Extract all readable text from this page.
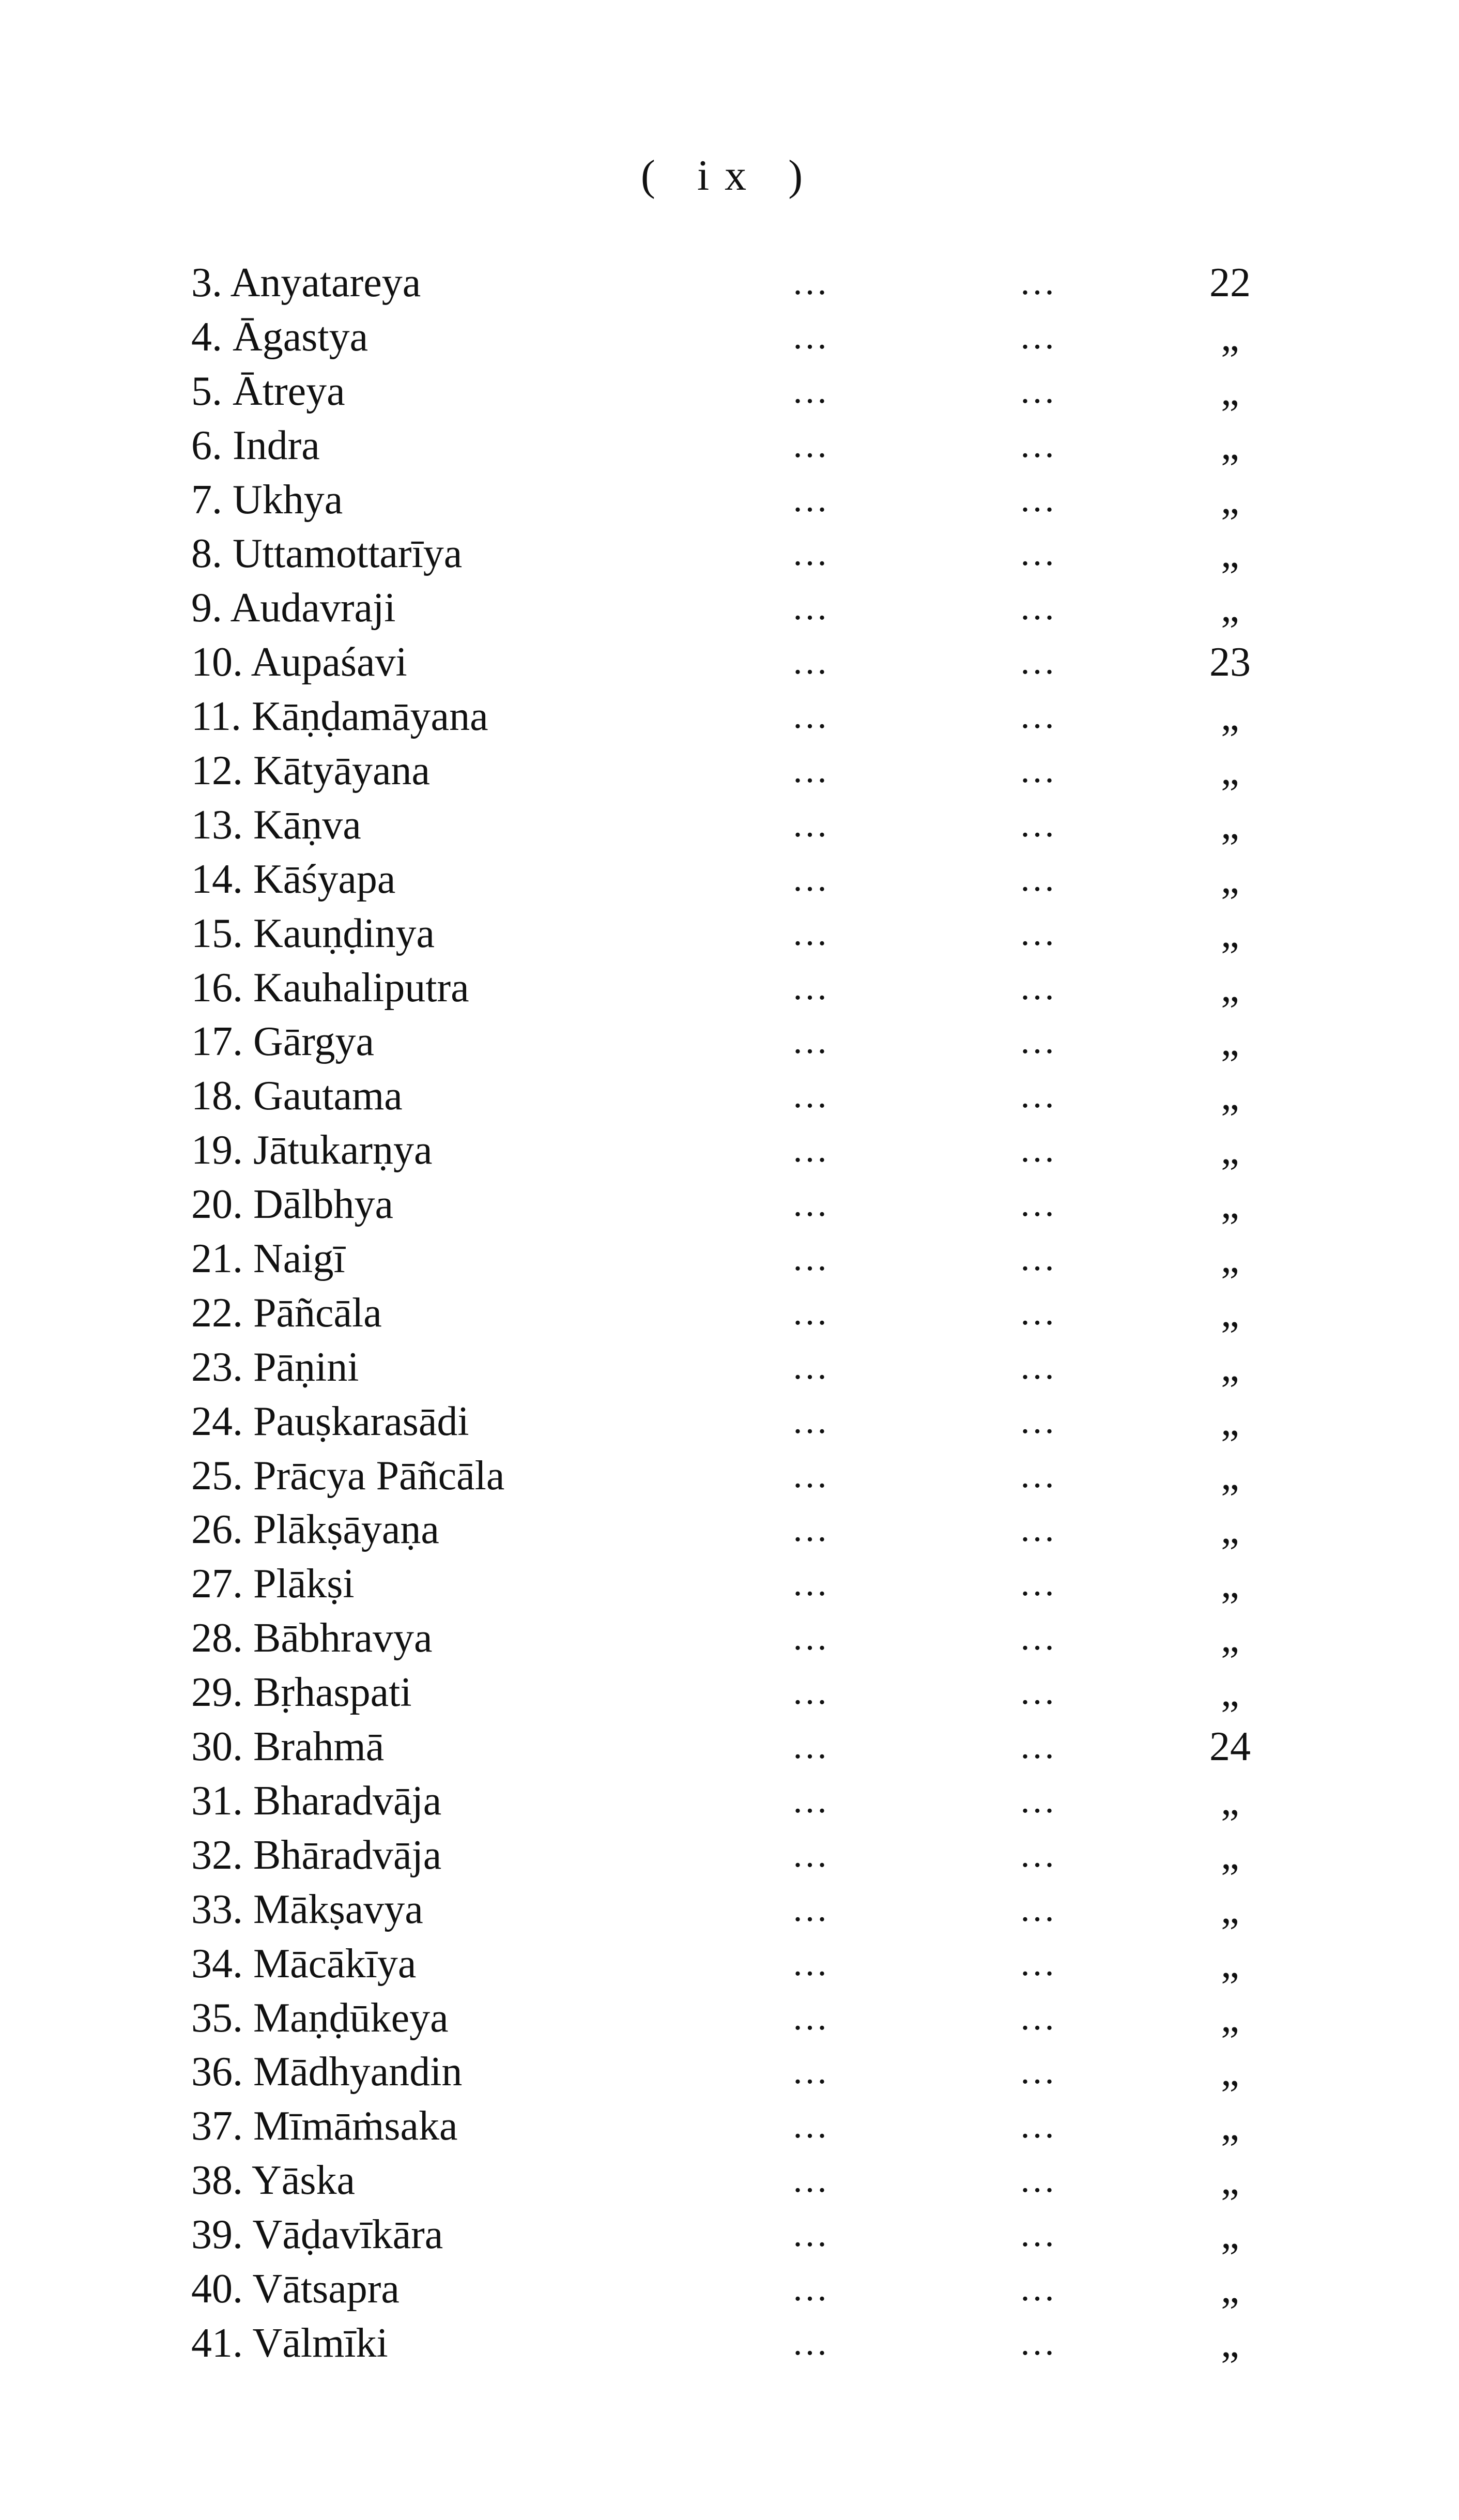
( ix )
3. Anyatareya	...	...	22
4. Āgastya	...	...	„
5. Ātreya	...	...	„
6. Indra	...	...	„
7. Ukhya	...	...	„
8. Uttamottarīya	...	...	„
9. Audavraji	...	...	„
10. Aupaśavi	...	...	23
11. Kāṇḍamāyana	...	...	„
12. Kātyāyana	...	...	„
13. Kāṇva	...	...	„
14. Kāśyapa	...	...	„
15. Kauṇḍinya	...	...	„
16. Kauhaliputra	...	...	„
17. Gārgya	...	...	„
18. Gautama	...	...	„
19. Jātukarṇya	...	...	„
20. Dālbhya	...	...	„
21. Naigī	...	...	„
22. Pāñcāla	...	...	„
23. Pāṇini	...	...	„
24. Pauṣkarasādi	...	...	„
25. Prācya Pāñcāla	...	...	„
26. Plākṣāyaṇa	...	...	„
27. Plākṣi	...	...	„
28. Bābhravya	...	...	„
29. Bṛhaspati	...	...	„
30. Brahmā	...	...	24
31. Bharadvāja	...	...	„
32. Bhāradvāja	...	...	„
33. Mākṣavya	...	...	„
34. Mācākīya	...	...	„
35. Maṇḍūkeya	...	...	„
36. Mādhyandin	...	...	„
37. Mīmāṁsaka	...	...	„
38. Yāska	...	...	„
39. Vāḍavīkāra	...	...	„
40. Vātsapra	...	...	„
41. Vālmīki	...	...	„
